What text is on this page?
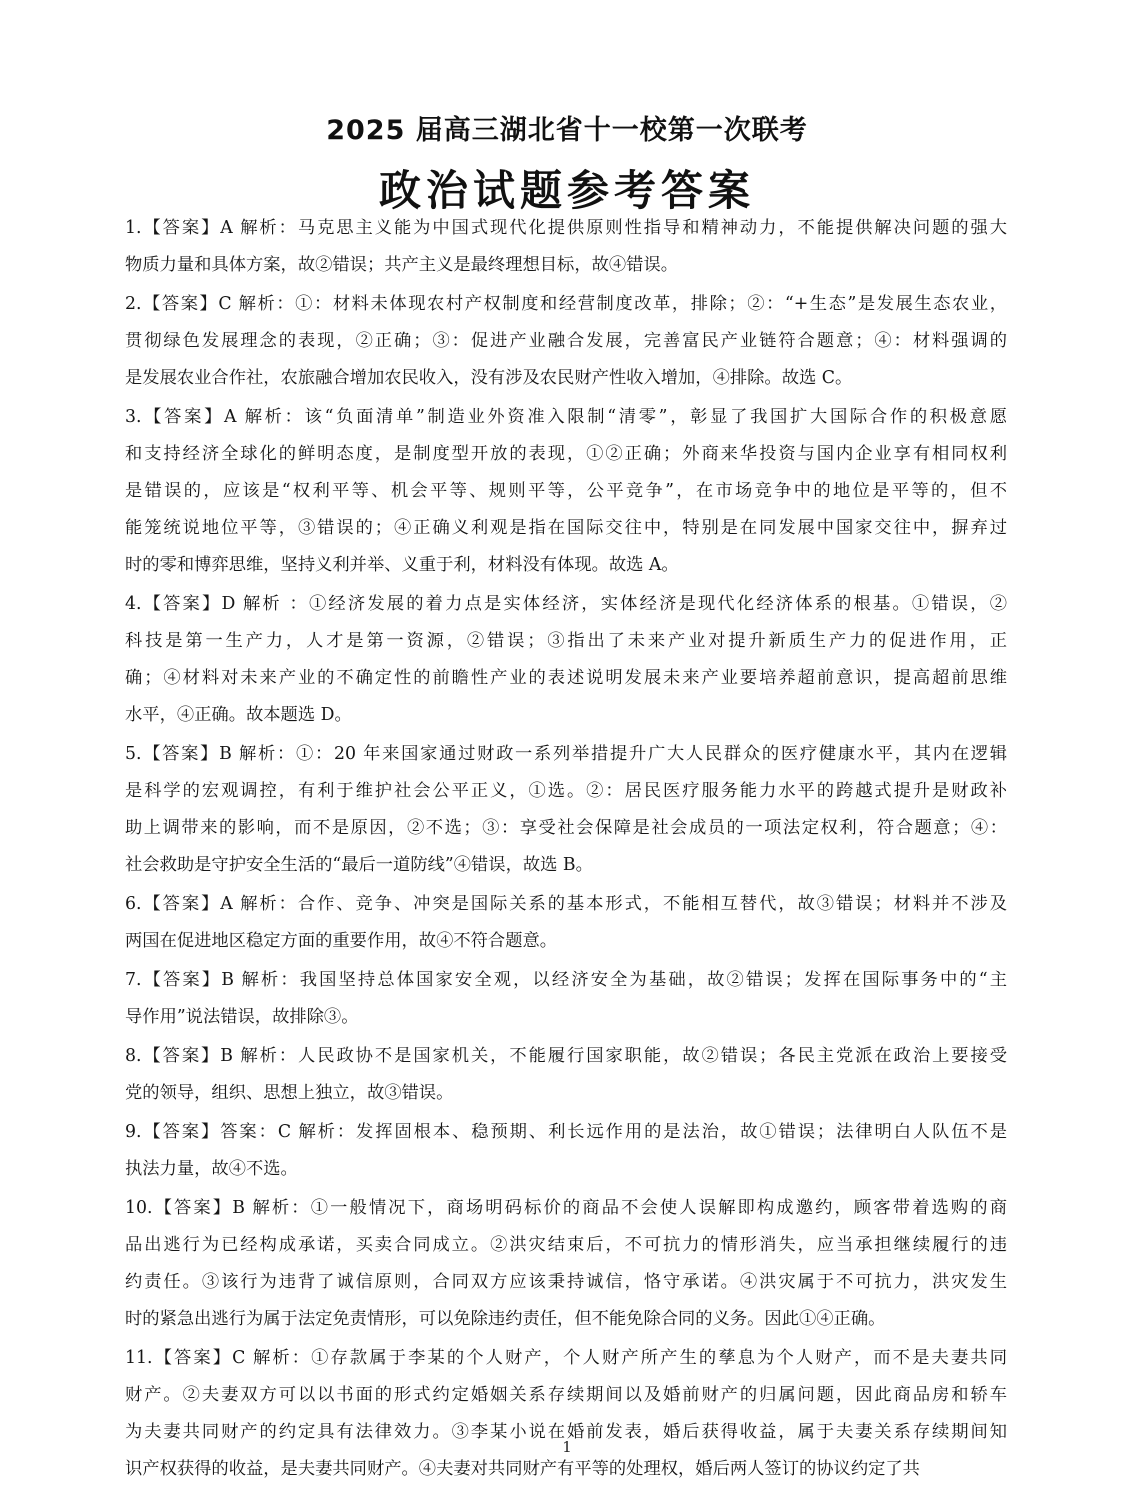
2025 届高三湖北省十一校第一次联考
政治试题参考答案
1.【答案】A 解析：马克思主义能为中国式现代化提供原则性指导和精神动力，不能提供解决问题的强大
物质力量和具体方案，故②错误；共产主义是最终理想目标，故④错误。
2.【答案】C 解析：①：材料未体现农村产权制度和经营制度改革，排除；②：“+生态”是发展生态农业，
贯彻绿色发展理念的表现，②正确；③：促进产业融合发展，完善富民产业链符合题意；④：材料强调的
是发展农业合作社，农旅融合增加农民收入，没有涉及农民财产性收入增加，④排除。故选 C。
3.【答案】A 解析：该“负面清单”制造业外资准入限制“清零”，彰显了我国扩大国际合作的积极意愿
和支持经济全球化的鲜明态度，是制度型开放的表现，①②正确；外商来华投资与国内企业享有相同权利
是错误的，应该是“权利平等、机会平等、规则平等，公平竞争”，在市场竞争中的地位是平等的，但不
能笼统说地位平等，③错误的；④正确义利观是指在国际交往中，特别是在同发展中国家交往中，摒弃过
时的零和博弈思维，坚持义利并举、义重于利，材料没有体现。故选 A。
4.【答案】D 解析 ：①经济发展的着力点是实体经济，实体经济是现代化经济体系的根基。①错误，②
科技是第一生产力，人才是第一资源，②错误；③指出了未来产业对提升新质生产力的促进作用，正
确；④材料对未来产业的不确定性的前瞻性产业的表述说明发展未来产业要培养超前意识，提高超前思维
水平，④正确。故本题选 D。
5.【答案】B 解析：①：20 年来国家通过财政一系列举措提升广大人民群众的医疗健康水平，其内在逻辑
是科学的宏观调控，有利于维护社会公平正义，①选。②：居民医疗服务能力水平的跨越式提升是财政补
助上调带来的影响，而不是原因，②不选；③：享受社会保障是社会成员的一项法定权利，符合题意；④：
社会救助是守护安全生活的“最后一道防线”④错误，故选 B。
6.【答案】A 解析：合作、竞争、冲突是国际关系的基本形式，不能相互替代，故③错误；材料并不涉及
两国在促进地区稳定方面的重要作用，故④不符合题意。
7.【答案】B 解析：我国坚持总体国家安全观，以经济安全为基础，故②错误；发挥在国际事务中的“主
导作用”说法错误，故排除③。
8.【答案】B 解析：人民政协不是国家机关，不能履行国家职能，故②错误；各民主党派在政治上要接受
党的领导，组织、思想上独立，故③错误。
9.【答案】答案：C 解析：发挥固根本、稳预期、利长远作用的是法治，故①错误；法律明白人队伍不是
执法力量，故④不选。
10.【答案】B 解析：①一般情况下，商场明码标价的商品不会使人误解即构成邀约，顾客带着选购的商
品出逃行为已经构成承诺，买卖合同成立。②洪灾结束后，不可抗力的情形消失，应当承担继续履行的违
约责任。③该行为违背了诚信原则，合同双方应该秉持诚信，恪守承诺。④洪灾属于不可抗力，洪灾发生
时的紧急出逃行为属于法定免责情形，可以免除违约责任，但不能免除合同的义务。因此①④正确。
11.【答案】C 解析：①存款属于李某的个人财产，个人财产所产生的孳息为个人财产，而不是夫妻共同
财产。②夫妻双方可以以书面的形式约定婚姻关系存续期间以及婚前财产的归属问题，因此商品房和轿车
为夫妻共同财产的约定具有法律效力。③李某小说在婚前发表，婚后获得收益，属于夫妻关系存续期间知
识产权获得的收益，是夫妻共同财产。④夫妻对共同财产有平等的处理权，婚后两人签订的协议约定了共
1
